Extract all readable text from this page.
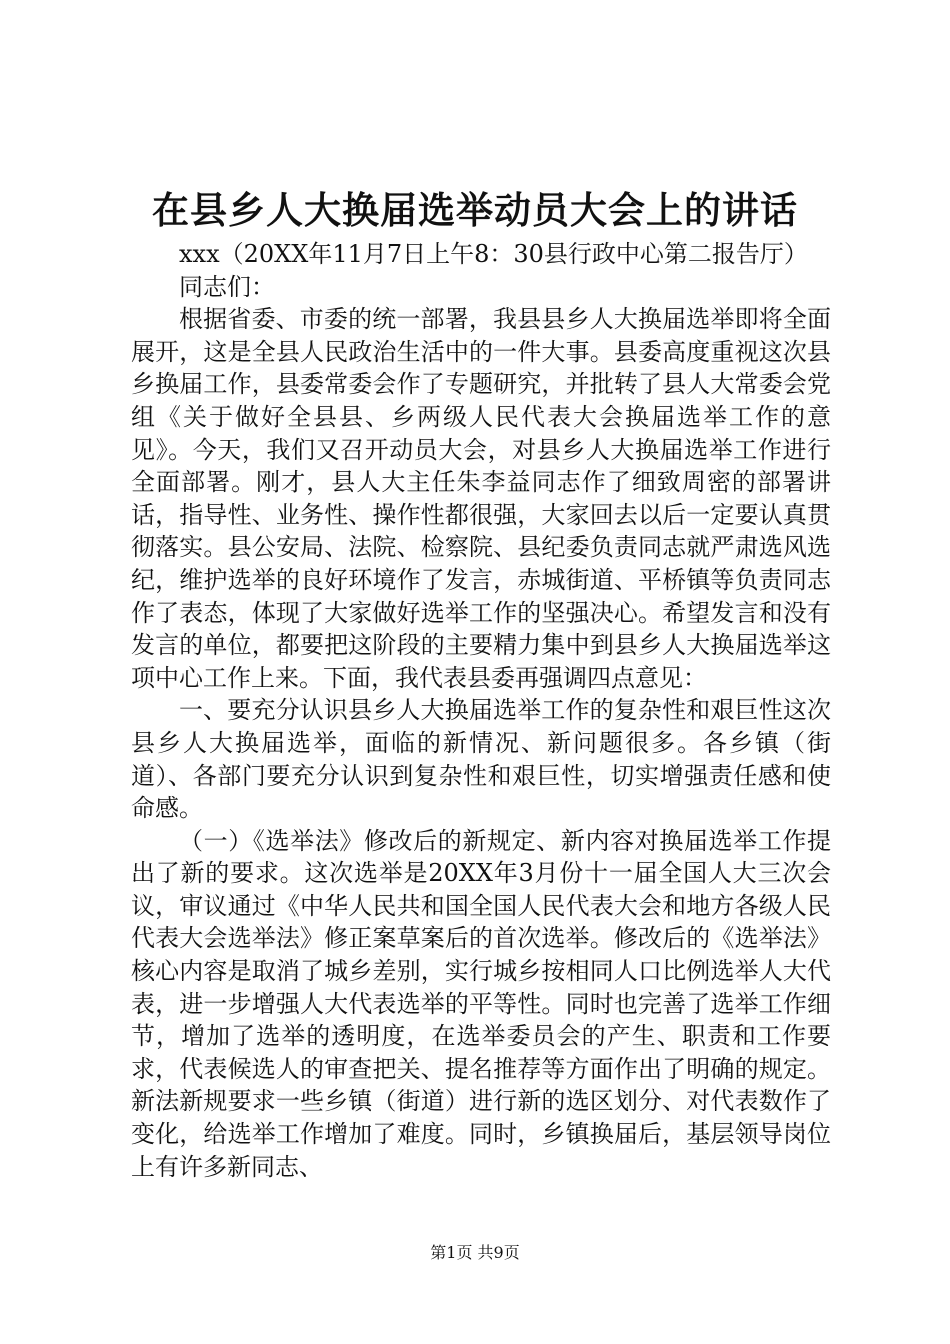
在县乡人大换届选举动员大会上的讲话

xxx（20XX年11月7日上午8：30县行政中心第二报告厅）

同志们：

根据省委、市委的统一部署，我县县乡人大换届选举即将全面展开，这是全县人民政治生活中的一件大事。县委高度重视这次县乡换届工作，县委常委会作了专题研究，并批转了县人大常委会党组《关于做好全县县、乡两级人民代表大会换届选举工作的意见》。今天，我们又召开动员大会，对县乡人大换届选举工作进行全面部署。刚才，县人大主任朱李益同志作了细致周密的部署讲话，指导性、业务性、操作性都很强，大家回去以后一定要认真贯彻落实。县公安局、法院、检察院、县纪委负责同志就严肃选风选纪，维护选举的良好环境作了发言，赤城街道、平桥镇等负责同志作了表态，体现了大家做好选举工作的坚强决心。希望发言和没有发言的单位，都要把这阶段的主要精力集中到县乡人大换届选举这项中心工作上来。下面，我代表县委再强调四点意见：

一、要充分认识县乡人大换届选举工作的复杂性和艰巨性这次县乡人大换届选举，面临的新情况、新问题很多。各乡镇（街道）、各部门要充分认识到复杂性和艰巨性，切实增强责任感和使命感。

（一）《选举法》修改后的新规定、新内容对换届选举工作提出了新的要求。这次选举是20XX年3月份十一届全国人大三次会议，审议通过《中华人民共和国全国人民代表大会和地方各级人民代表大会选举法》修正案草案后的首次选举。修改后的《选举法》核心内容是取消了城乡差别，实行城乡按相同人口比例选举人大代表，进一步增强人大代表选举的平等性。同时也完善了选举工作细节，增加了选举的透明度，在选举委员会的产生、职责和工作要求，代表候选人的审查把关、提名推荐等方面作出了明确的规定。新法新规要求一些乡镇（街道）进行新的选区划分、对代表数作了变化，给选举工作增加了难度。同时，乡镇换届后，基层领导岗位上有许多新同志、

第1页 共9页
